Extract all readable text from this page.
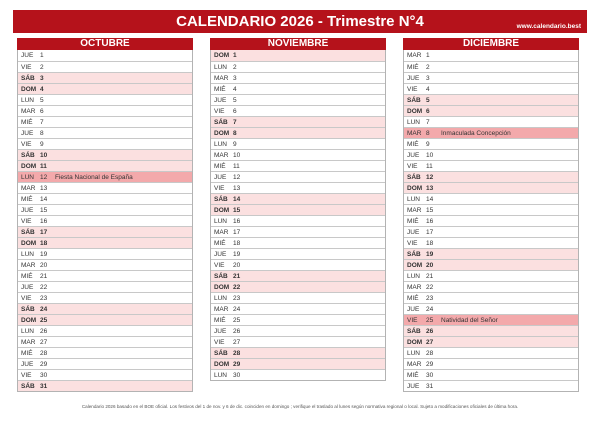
CALENDARIO 2026 - Trimestre N°4	www.calendario.best
OCTUBRE
JUE	1
VIE	2
SÁB 3
DOM 4
LUN 5
MAR 6
MIÉ	7
JUE	8
VIE	9
SÁB 10
DOM 11
LUN 12	Fiesta Nacional de España
MAR 13
MIÉ	14
JUE	15
VIE	16
SÁB 17
DOM 18
LUN 19
MAR 20
MIÉ	21
JUE	22
VIE	23
SÁB 24
DOM 25
LUN 26
MAR 27
MIÉ	28
JUE	29
VIE	30
SÁB 31
NOVIEMBRE
DOM 1
LUN 2
MAR 3
MIÉ	4
JUE	5
VIE	6
SÁB 7
DOM 8
LUN 9
MAR 10
MIÉ	11
JUE	12
VIE	13
SÁB 14
DOM 15
LUN 16
MAR 17
MIÉ	18
JUE	19
VIE	20
SÁB 21
DOM 22
LUN 23
MAR 24
MIÉ	25
JUE	26
VIE	27
SÁB 28
DOM 29
LUN 30
DICIEMBRE
MAR 1
MIÉ	2
JUE	3
VIE	4
SÁB 5
DOM 6
LUN 7
MAR 8	Inmaculada Concepción
MIÉ	9
JUE	10
VIE	11
SÁB 12
DOM 13
LUN 14
MAR 15
MIÉ	16
JUE	17
VIE	18
SÁB 19
DOM 20
LUN 21
MAR 22
MIÉ	23
JUE	24
VIE	25	Natividad del Señor
SÁB 26
DOM 27
LUN 28
MAR 29
MIÉ	30
JUE	31
Calendario 2026 basado en el BOE oficial. Los festivos del 1 de nov. y 6 de dic. coinciden en domingo ; verifique el traslado al lunes según normativa regional o local. Sujeto a modificaciones oficiales de última hora.
